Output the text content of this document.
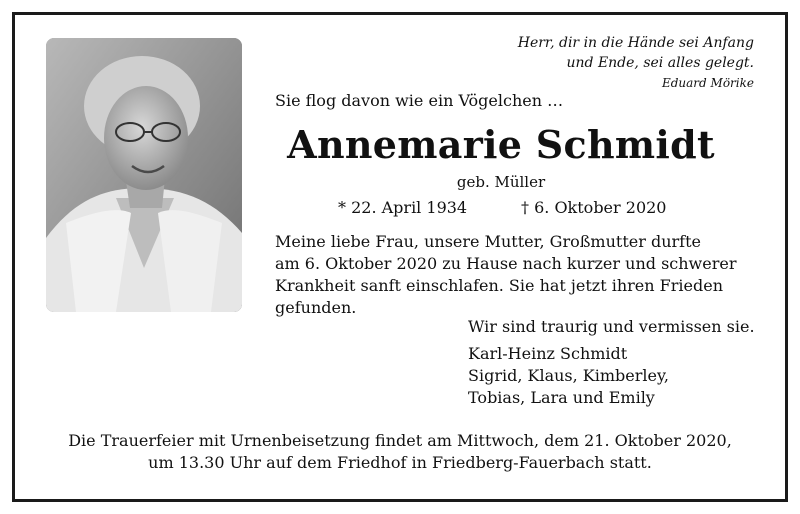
Herr, dir in die Hände sei Anfang
und Ende, sei alles gelegt.
Eduard Mörike
Sie flog davon wie ein Vögelchen …
Annemarie Schmidt
geb. Müller
* 22. April 1934	† 6. Oktober 2020
Meine liebe Frau, unsere Mutter, Großmutter durfte
am 6. Oktober 2020 zu Hause nach kurzer und schwerer
Krankheit sanft einschlafen. Sie hat jetzt ihren Frieden
gefunden.
Wir sind traurig und vermissen sie.
Karl-Heinz Schmidt
Sigrid, Klaus, Kimberley,
Tobias, Lara und Emily
Die Trauerfeier mit Urnenbeisetzung findet am Mittwoch, dem 21. Oktober 2020,
um 13.30 Uhr auf dem Friedhof in Friedberg-Fauerbach statt.
